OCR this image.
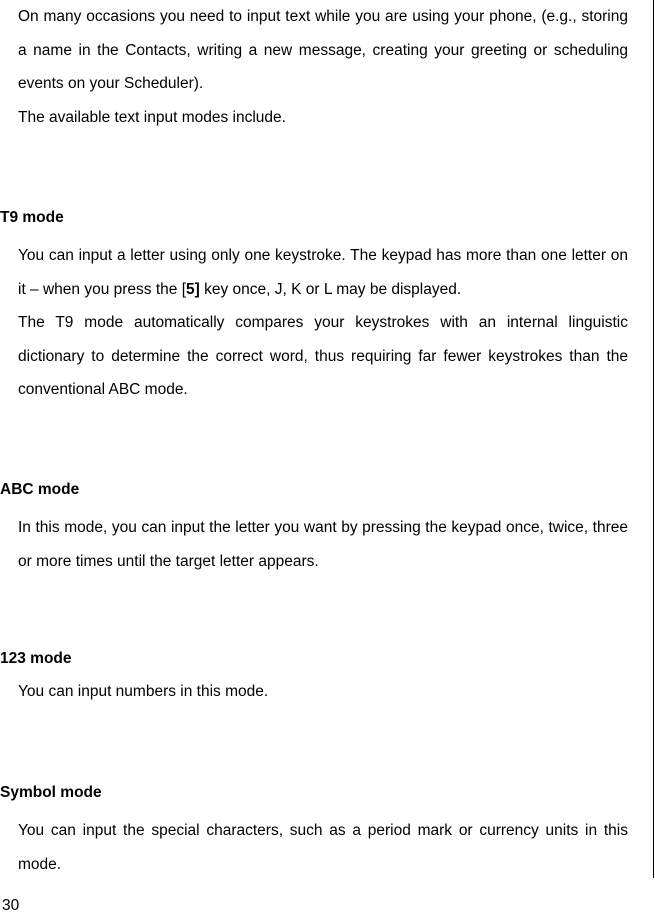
On many occasions you need to input text while you are using your phone, (e.g., storing a name in the Contacts, writing a new message, creating your greeting or scheduling events on your Scheduler).

The available text input modes include.

T9 mode

You can input a letter using only one keystroke. The keypad has more than one letter on it – when you press the [5] key once, J, K or L may be displayed.

The T9 mode automatically compares your keystrokes with an internal linguistic dictionary to determine the correct word, thus requiring far fewer keystrokes than the conventional ABC mode.

ABC mode

In this mode, you can input the letter you want by pressing the keypad once, twice, three or more times until the target letter appears.

123 mode

You can input numbers in this mode.

Symbol mode

You can input the special characters, such as a period mark or currency units in this mode.

30
